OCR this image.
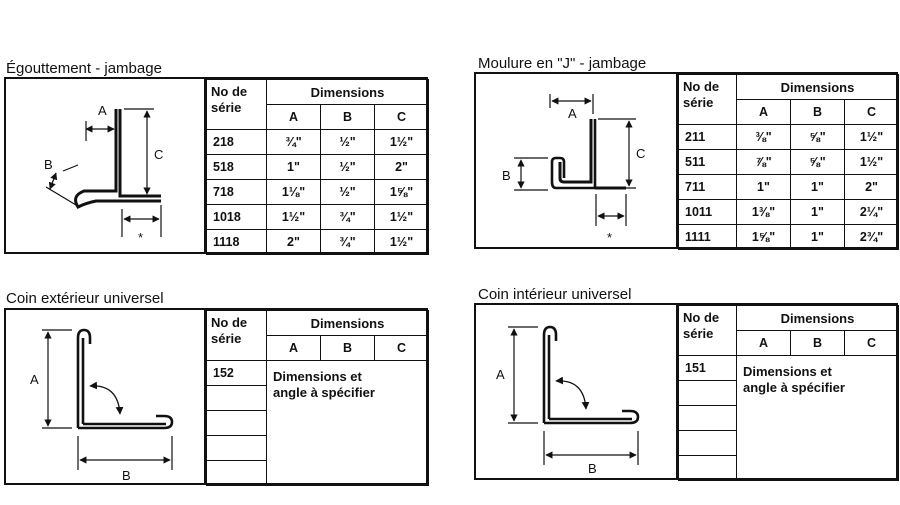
Égouttement - jambage
A
C
B
*
No de
série	Dimensions		
	A	B	C
218	¾"	½"	1½"
518	1"	½"	2"
718	1⅛"	½"	1⅝"
1018	1½"	¾"	1½"
1118	2"	¾"	1½"
Moulure en "J" - jambage
A
C
B
*
No de
série	Dimensions		
	A	B	C
211	⅜"	⅝"	1½"
511	⅞"	⅝"	1½"
711	1"	1"	2"
1011	1⅜"	1"	2¼"
1111	1⅝"	1"	2¾"
Coin extérieur universel
A
B
No de
série	Dimensions		
	A	B	C
152	Dimensions et
angle à spécifier		

Coin intérieur universel
A
B
No de
série	Dimensions		
	A	B	C
151	Dimensions et
angle à spécifier		
